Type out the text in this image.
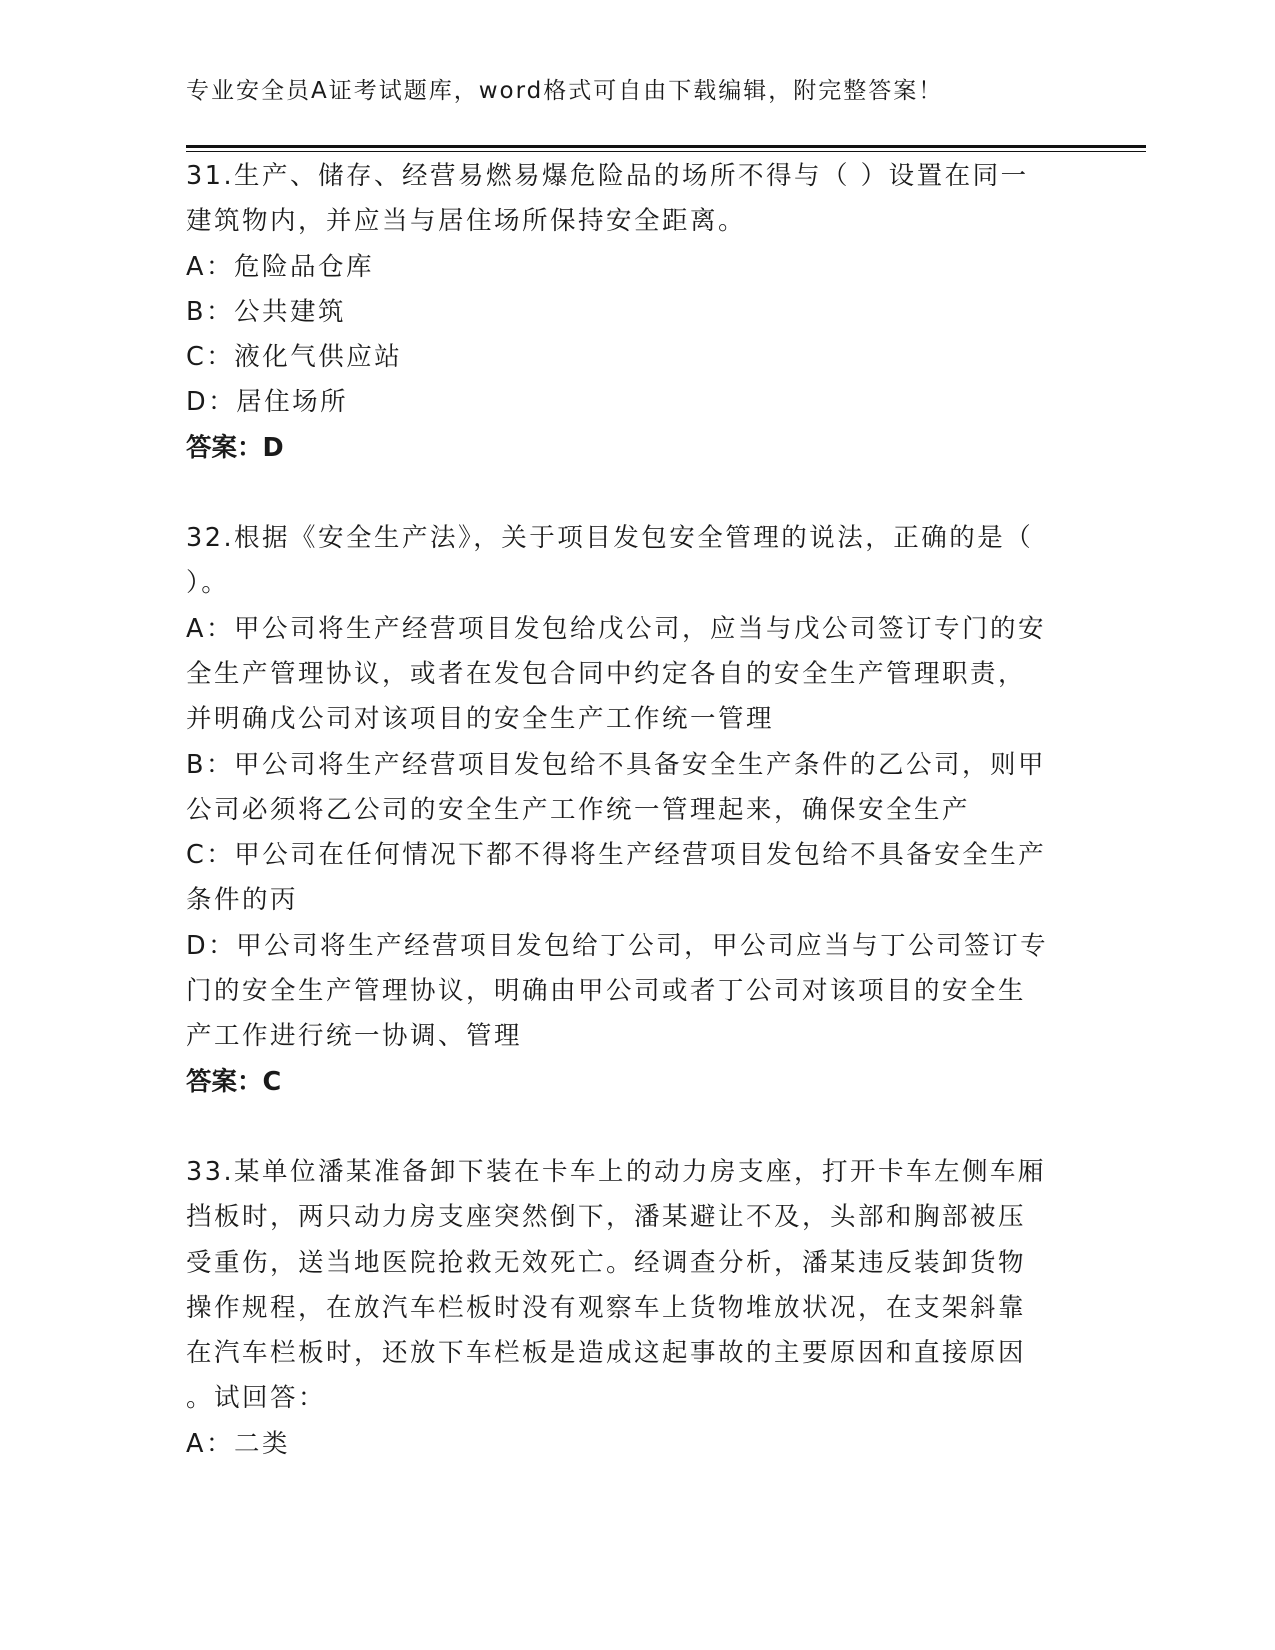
专业安全员A证考试题库，word格式可自由下载编辑，附完整答案！

31.生产、储存、经营易燃易爆危险品的场所不得与（ ）设置在同一

建筑物内，并应当与居住场所保持安全距离。

A：危险品仓库

B：公共建筑

C：液化气供应站

D：居住场所

答案：D

32.根据《安全生产法》，关于项目发包安全管理的说法，正确的是（

）。

A：甲公司将生产经营项目发包给戊公司，应当与戊公司签订专门的安

全生产管理协议，或者在发包合同中约定各自的安全生产管理职责，

并明确戊公司对该项目的安全生产工作统一管理

B：甲公司将生产经营项目发包给不具备安全生产条件的乙公司，则甲

公司必须将乙公司的安全生产工作统一管理起来，确保安全生产

C：甲公司在任何情况下都不得将生产经营项目发包给不具备安全生产

条件的丙

D：甲公司将生产经营项目发包给丁公司，甲公司应当与丁公司签订专

门的安全生产管理协议，明确由甲公司或者丁公司对该项目的安全生

产工作进行统一协调、管理

答案：C

33.某单位潘某准备卸下装在卡车上的动力房支座，打开卡车左侧车厢

挡板时，两只动力房支座突然倒下，潘某避让不及，头部和胸部被压

受重伤，送当地医院抢救无效死亡。经调查分析，潘某违反装卸货物

操作规程，在放汽车栏板时没有观察车上货物堆放状况，在支架斜靠

在汽车栏板时，还放下车栏板是造成这起事故的主要原因和直接原因

。试回答：

A：二类
